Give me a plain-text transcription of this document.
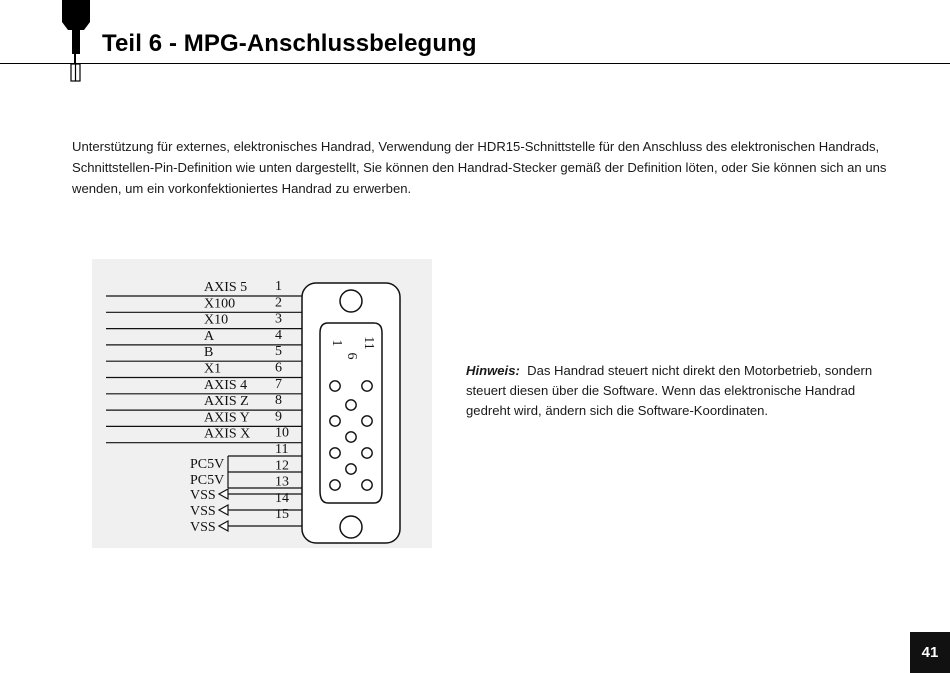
Teil 6 - MPG-Anschlussbelegung

Unterstützung für externes, elektronisches Handrad, Verwendung der HDR15-Schnittstelle für den Anschluss des elektronischen Handrads, Schnittstellen-Pin-Definition wie unten dargestellt, Sie können den Handrad-Stecker gemäß der Definition löten, oder Sie können sich an uns wenden, um ein vorkonfektioniertes Handrad zu erwerben.

1
AXIS 5
2
X100
3
X10
4
A
5
B
6
X1
7
AXIS 4
8
AXIS Z
9
AXIS Y
10
AXIS X
11
12
13
14
15
PC5V
PC5V
VSS
VSS
VSS
1
6
11

Hinweis: Das Handrad steuert nicht direkt den Motorbetrieb, sondern steuert diesen über die Software. Wenn das elektronische Handrad gedreht wird, ändern sich die Software-Koordinaten.

41
